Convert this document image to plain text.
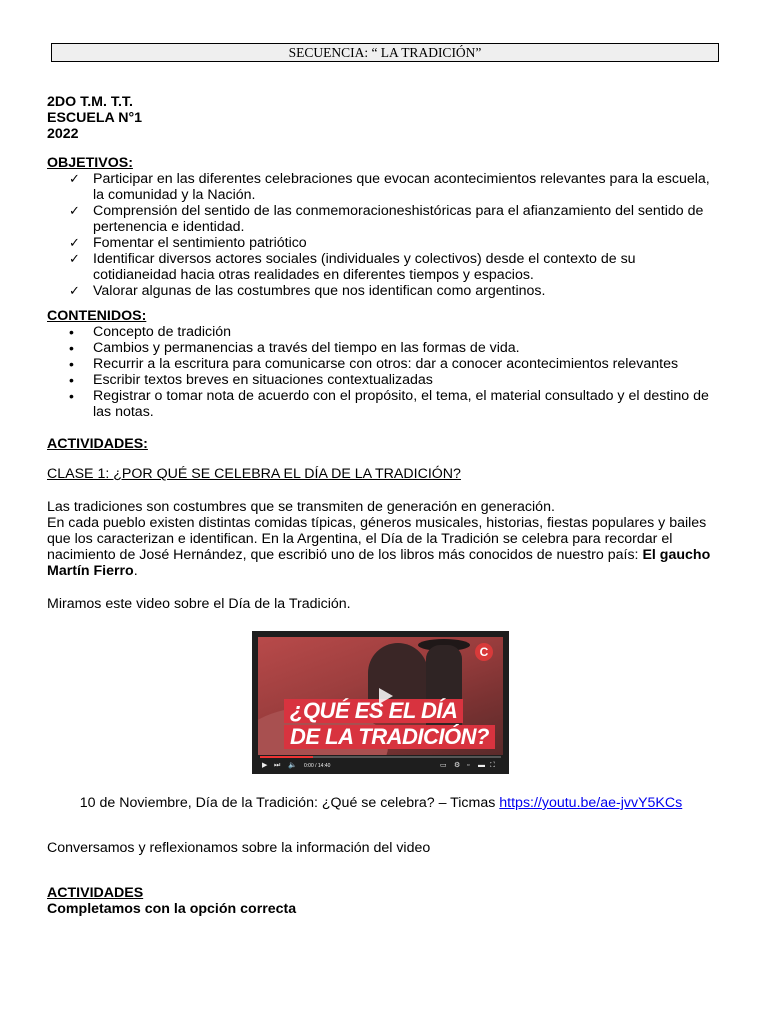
SECUENCIA: “ LA TRADICIÓN”
2DO T.M. T.T.
ESCUELA N°1
2022
OBJETIVOS:
✓ Participar en las diferentes celebraciones que evocan acontecimientos relevantes para la escuela, la comunidad y la Nación.
✓ Comprensión del sentido de las conmemoracioneshistóricas para el afianzamiento del sentido de pertenencia e identidad.
✓ Fomentar el sentimiento patriótico
✓ Identificar diversos actores sociales (individuales y colectivos) desde el contexto de su cotidianeidad hacia otras realidades en diferentes tiempos y espacios.
✓ Valorar algunas de las costumbres que nos identifican como argentinos.
CONTENIDOS:
• Concepto de tradición
• Cambios y permanencias a través del tiempo en las formas de vida.
• Recurrir a la escritura para comunicarse con otros: dar a conocer acontecimientos relevantes
• Escribir textos breves en situaciones contextualizadas
• Registrar o tomar nota de acuerdo con el propósito, el tema, el material consultado y el destino de las notas.
ACTIVIDADES:
CLASE 1: ¿POR QUÉ SE CELEBRA EL DÍA DE LA TRADICIÓN?

Las tradiciones son costumbres que se transmiten de generación en generación.

En cada pueblo existen distintas comidas típicas, géneros musicales, historias, fiestas populares y bailes que los caracterizan e identifican. En la Argentina, el Día de la Tradición se celebra para recordar el nacimiento de José Hernández, que escribió uno de los libros más conocidos de nuestro país: El gaucho Martín Fierro.

Miramos este video sobre el Día de la Tradición.
C
¿QUÉ ES EL DÍA
DE LA TRADICIÓN?
▶ ⏭ 🔈 0:00 / 14:40	▭ ⚙ ▫ ▬ ⛶
10 de Noviembre, Día de la Tradición: ¿Qué se celebra? – Ticmas https://youtu.be/ae-jvvY5KCs
Conversamos y reflexionamos sobre la información del video
ACTIVIDADES
Completamos con la opción correcta
